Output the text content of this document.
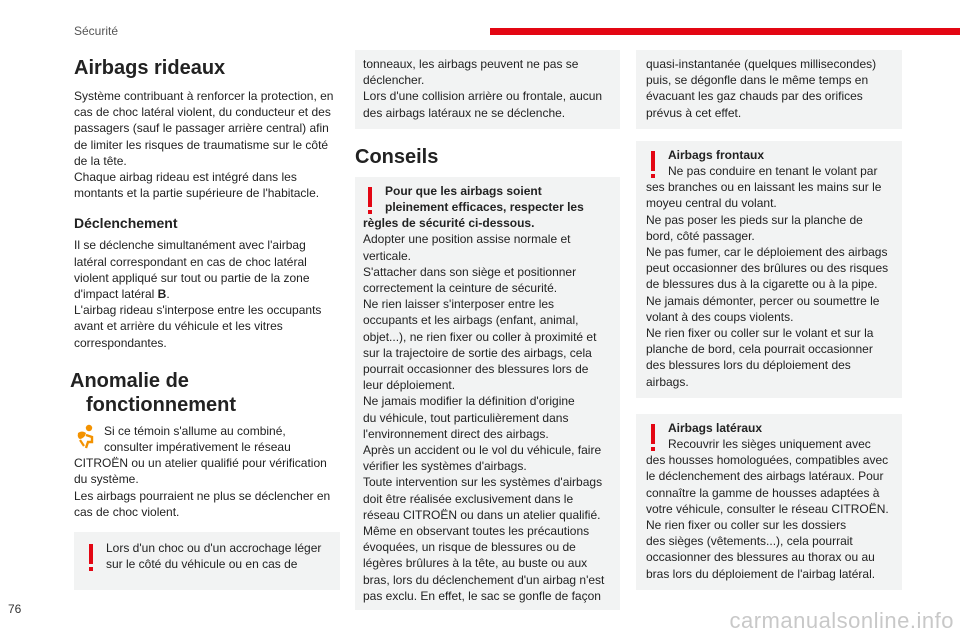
Sécurité
Airbags rideaux

Système contribuant à renforcer la protection, en

cas de choc latéral violent, du conducteur et des

passagers (sauf le passager arrière central) afin

de limiter les risques de traumatisme sur le côté

de la tête.

Chaque airbag rideau est intégré dans les

montants et la partie supérieure de l'habitacle.

Déclenchement

Il se déclenche simultanément avec l'airbag

latéral correspondant en cas de choc latéral

violent appliqué sur tout ou partie de la zone

d'impact latéral B.

L'airbag rideau s'interpose entre les occupants

avant et arrière du véhicule et les vitres

correspondantes.

Anomalie de
fonctionnement

Si ce témoin s'allume au combiné,

consulter impérativement le réseau

CITROËN ou un atelier qualifié pour vérification

du système.

Les airbags pourraient ne plus se déclencher en

cas de choc violent.

Lors d'un choc ou d'un accrochage léger

sur le côté du véhicule ou en cas de

tonneaux, les airbags peuvent ne pas se

déclencher.

Lors d'une collision arrière ou frontale, aucun

des airbags latéraux ne se déclenche.

Conseils

Pour que les airbags soient

pleinement efficaces, respecter les

règles de sécurité ci-dessous.

Adopter une position assise normale et

verticale.

S'attacher dans son siège et positionner

correctement la ceinture de sécurité.

Ne rien laisser s'interposer entre les

occupants et les airbags (enfant, animal,

objet...), ne rien fixer ou coller à proximité et

sur la trajectoire de sortie des airbags, cela

pourrait occasionner des blessures lors de

leur déploiement.

Ne jamais modifier la définition d'origine

du véhicule, tout particulièrement dans

l'environnement direct des airbags.

Après un accident ou le vol du véhicule, faire

vérifier les systèmes d'airbags.

Toute intervention sur les systèmes d'airbags

doit être réalisée exclusivement dans le

réseau CITROËN ou dans un atelier qualifié.

Même en observant toutes les précautions

évoquées, un risque de blessures ou de

légères brûlures à la tête, au buste ou aux

bras, lors du déclenchement d'un airbag n'est

pas exclu. En effet, le sac se gonfle de façon

quasi-instantanée (quelques millisecondes)

puis, se dégonfle dans le même temps en

évacuant les gaz chauds par des orifices

prévus à cet effet.

Airbags frontaux

Ne pas conduire en tenant le volant par

ses branches ou en laissant les mains sur le

moyeu central du volant.

Ne pas poser les pieds sur la planche de

bord, côté passager.

Ne pas fumer, car le déploiement des airbags

peut occasionner des brûlures ou des risques

de blessures dus à la cigarette ou à la pipe.

Ne jamais démonter, percer ou soumettre le

volant à des coups violents.

Ne rien fixer ou coller sur le volant et sur la

planche de bord, cela pourrait occasionner

des blessures lors du déploiement des

airbags.

Airbags latéraux

Recouvrir les sièges uniquement avec

des housses homologuées, compatibles avec

le déclenchement des airbags latéraux. Pour

connaître la gamme de housses adaptées à

votre véhicule, consulter le réseau CITROËN.

Ne rien fixer ou coller sur les dossiers

des sièges (vêtements...), cela pourrait

occasionner des blessures au thorax ou au

bras lors du déploiement de l'airbag latéral.

76	carmanualsonline.info
